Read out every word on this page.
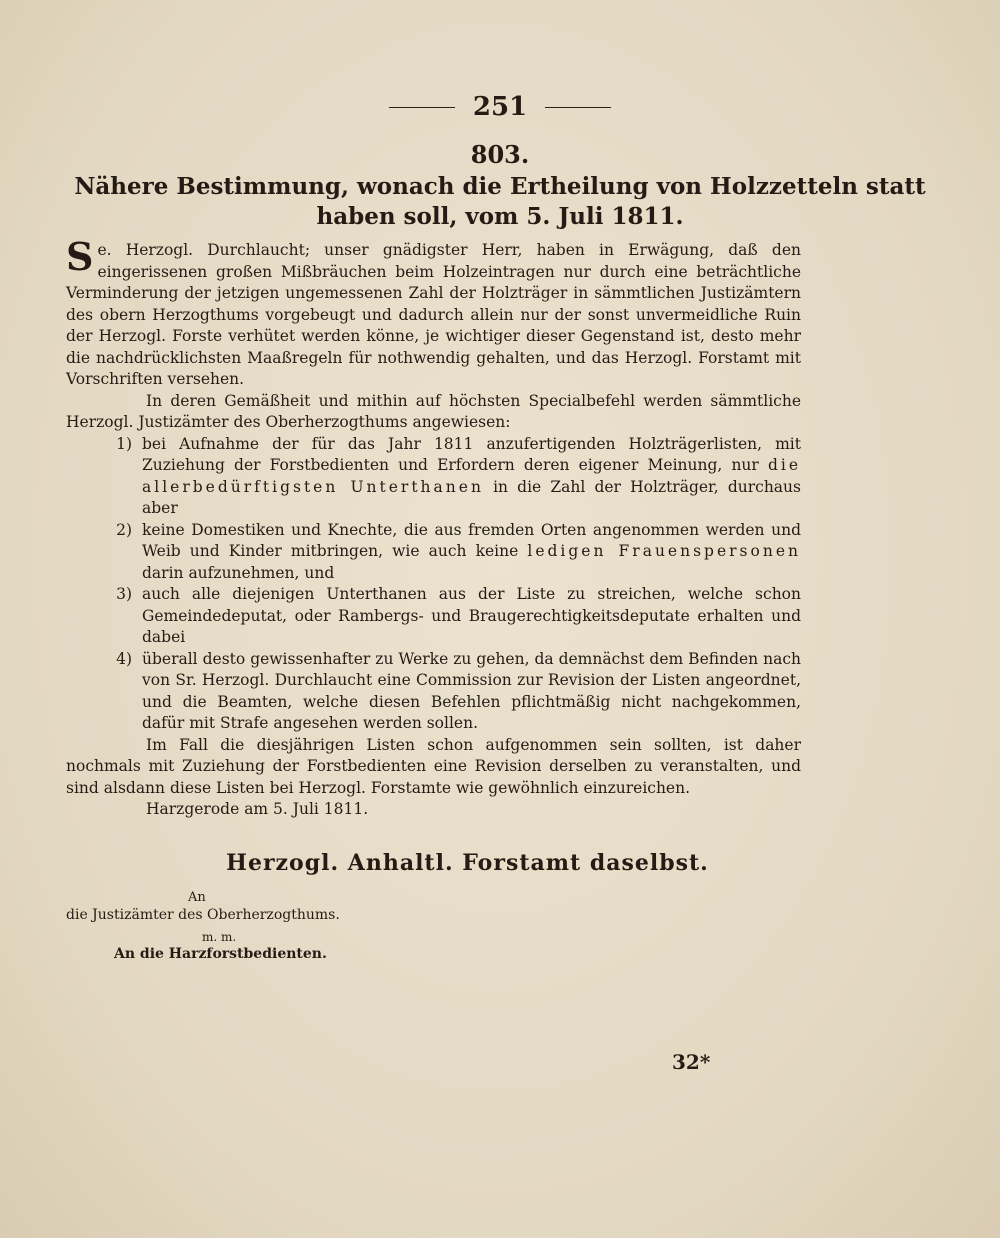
251
803.
Nähere Bestimmung, wonach die Ertheilung von Holzzetteln statt haben soll, vom 5. Juli 1811.

Se. Herzogl. Durchlaucht; unser gnädigster Herr, haben in Erwägung, daß den eingerissenen großen Mißbräuchen beim Holzeintragen nur durch eine beträchtliche Verminderung der jetzigen ungemessenen Zahl der Holzträger in sämmtlichen Justizämtern des obern Herzogthums vorgebeugt und dadurch allein nur der sonst unvermeidliche Ruin der Herzogl. Forste verhütet werden könne, je wichtiger dieser Gegenstand ist, desto mehr die nachdrücklichsten Maaßregeln für nothwendig gehalten, und das Herzogl. Forstamt mit Vorschriften versehen.

In deren Gemäßheit und mithin auf höchsten Specialbefehl werden sämmtliche Herzogl. Justizämter des Oberherzogthums angewiesen:

1) bei Aufnahme der für das Jahr 1811 anzufertigenden Holzträgerlisten, mit Zuziehung der Forstbedienten und Erfordern deren eigener Meinung, nur die allerbedürftigsten Unterthanen in die Zahl der Holzträger, durchaus aber
2) keine Domestiken und Knechte, die aus fremden Orten angenommen werden und Weib und Kinder mitbringen, wie auch keine ledigen Frauenspersonen darin aufzunehmen, und
3) auch alle diejenigen Unterthanen aus der Liste zu streichen, welche schon Gemeindedeputat, oder Rambergs- und Braugerechtigkeitsdeputate erhalten und dabei
4) überall desto gewissenhafter zu Werke zu gehen, da demnächst dem Befinden nach von Sr. Herzogl. Durchlaucht eine Commission zur Revision der Listen angeordnet, und die Beamten, welche diesen Befehlen pflichtmäßig nicht nachgekommen, dafür mit Strafe angesehen werden sollen.

Im Fall die diesjährigen Listen schon aufgenommen sein sollten, ist daher nochmals mit Zuziehung der Forstbedienten eine Revision derselben zu veranstalten, und sind alsdann diese Listen bei Herzogl. Forstamte wie gewöhnlich einzureichen.

Harzgerode am 5. Juli 1811.

Herzogl. Anhaltl. Forstamt daselbst.
An
die Justizämter des Oberherzogthums.
m. m.
An die Harzforstbedienten.
32*
